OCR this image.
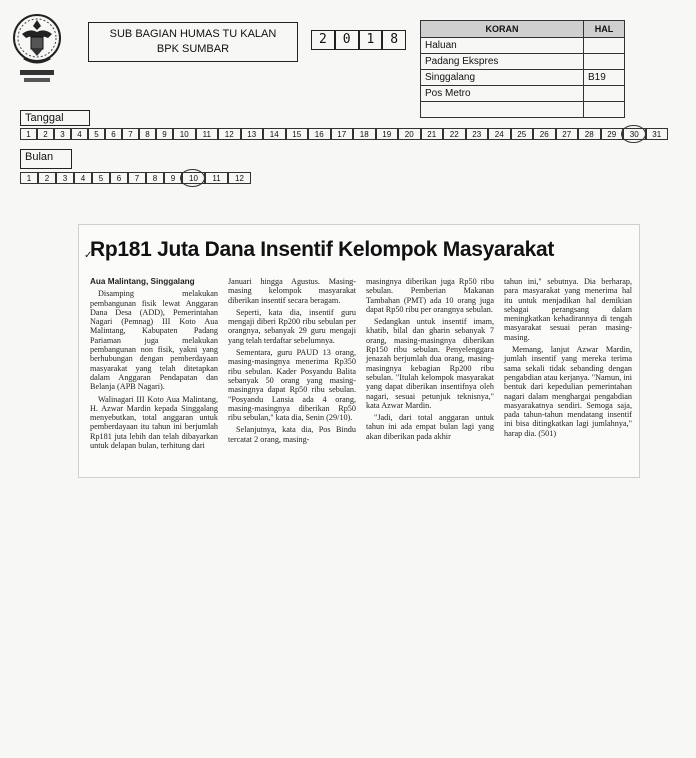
SUB BAGIAN HUMAS TU KALAN
BPK SUMBAR
2	0	1	8
KORAN	HAL
Haluan	
Padang Ekspres	
Singgalang	B19
Pos Metro	

Tanggal
1	2	3	4	5	6	7	8	9	10	11	12	13	14	15	16	17	18	19	20	21	22	23	24	25	26	27	28	29	30	31
Bulan
1	2	3	4	5	6	7	8	9	10	11	12
✓
Rp181 Juta Dana Insentif Kelompok Masyarakat

Aua Malintang, Singgalang

Disamping melakukan pembangunan fisik lewat Anggaran Dana Desa (ADD), Pemerintahan Nagari (Pemnag) III Koto Aua Malintang, Kabupaten Padang Pariaman juga melakukan pembangunan non fisik, yakni yang berhubungan dengan pemberdayaan masyarakat yang telah ditetapkan dalam Anggaran Pendapatan dan Belanja (APB Nagari).

Walinagari III Koto Aua Malintang, H. Azwar Mardin kepada Singgalang menyebutkan, total anggaran untuk pemberdayaan itu tahun ini berjumlah Rp181 juta lebih dan telah dibayarkan untuk delapan bulan, terhitung dari

Januari hingga Agustus. Masing-masing kelompok masyarakat diberikan insentif secara beragam.

Seperti, kata dia, insentif guru mengaji diberi Rp200 ribu sebulan per orangnya, sebanyak 29 guru mengaji yang telah terdaftar sebelumnya.

Sementara, guru PAUD 13 orang, masing-masingnya menerima Rp350 ribu sebulan. Kader Posyandu Balita sebanyak 50 orang yang masing-masingnya dapat Rp50 ribu sebulan. "Posyandu Lansia ada 4 orang, masing-masingnya diberikan Rp50 ribu sebulan," kata dia, Senin (29/10).

Selanjutnya, kata dia, Pos Bindu tercatat 2 orang, masing-

masingnya diberikan juga Rp50 ribu sebulan. Pemberian Makanan Tambahan (PMT) ada 10 orang juga dapat Rp50 ribu per orangnya sebulan.

Sedangkan untuk insentif imam, khatib, bilal dan gharin sebanyak 7 orang, masing-masingnya diberikan Rp150 ribu sebulan. Penyelenggara jenazah berjumlah dua orang, masing-masingnya kebagian Rp200 ribu sebulan. "Itulah kelompok masyarakat yang dapat diberikan insentifnya oleh nagari, sesuai petunjuk teknisnya," kata Azwar Mardin.

"Jadi, dari total anggaran untuk tahun ini ada empat bulan lagi yang akan diberikan pada akhir

tahun ini," sebutnya. Dia berharap, para masyarakat yang menerima hal itu untuk menjadikan hal demikian sebagai perangsang dalam meningkatkan kehadirannya di tengah masyarakat sesuai peran masing-masing.

Memang, lanjut Azwar Mardin, jumlah insentif yang mereka terima sama sekali tidak sebanding dengan pengabdian atau kerjanya. "Namun, ini bentuk dari kepedulian pemerintahan nagari dalam menghargai pengabdian masyarakatnya sendiri. Semoga saja, pada tahun-tahun mendatang insentif ini bisa ditingkatkan lagi jumlahnya," harap dia. (501)
